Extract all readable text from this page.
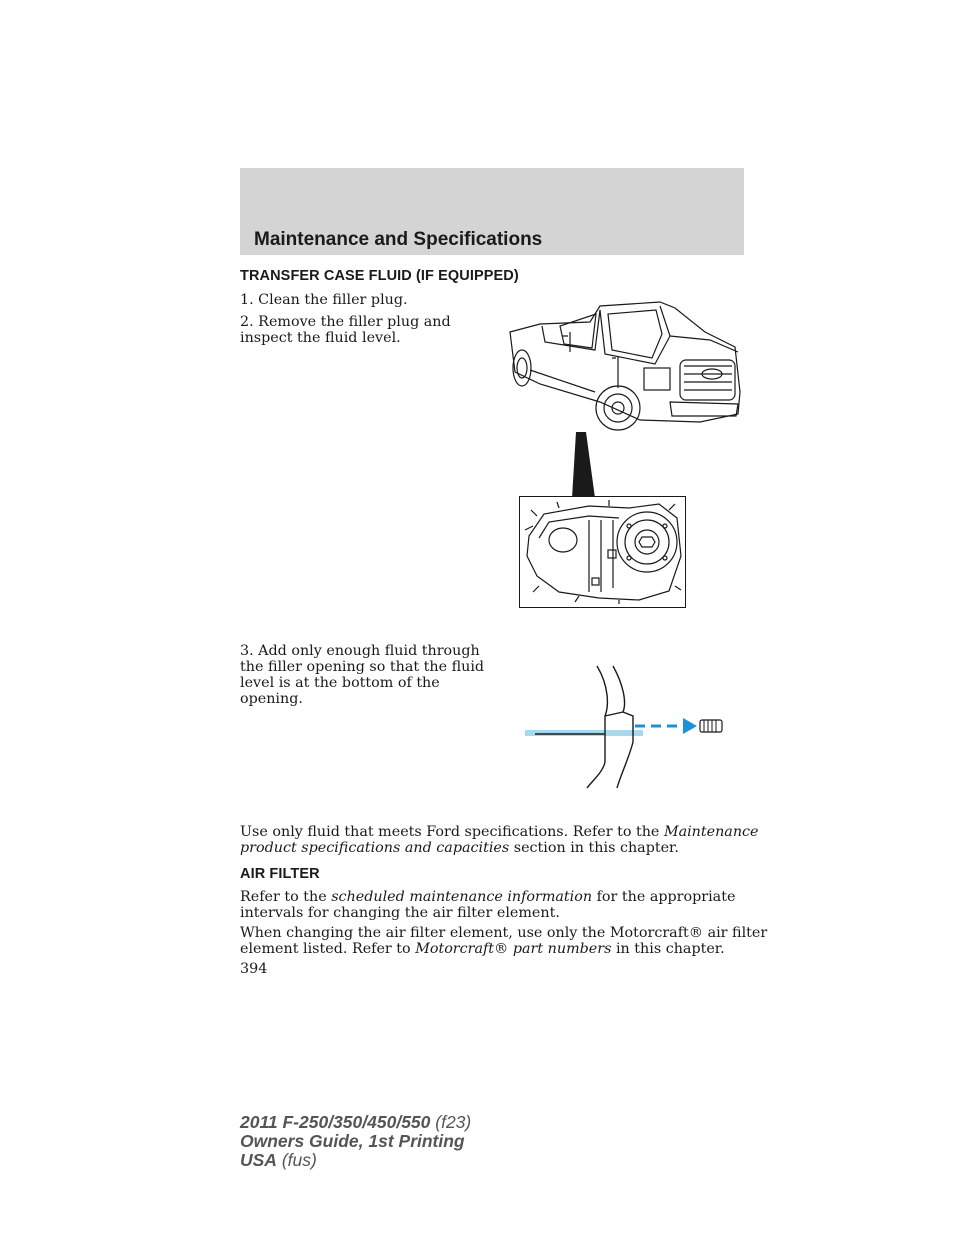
Maintenance and Specifications
TRANSFER CASE FLUID (IF EQUIPPED)
1. Clean the filler plug.
2. Remove the filler plug and
inspect the fluid level.
3. Add only enough fluid through
the filler opening so that the fluid
level is at the bottom of the
opening.
Use only fluid that meets Ford specifications. Refer to the Maintenance
product specifications and capacities section in this chapter.
AIR FILTER
Refer to the scheduled maintenance information for the appropriate
intervals for changing the air filter element.
When changing the air filter element, use only the Motorcraft® air filter
element listed. Refer to Motorcraft® part numbers in this chapter.
394
2011 F-250/350/450/550 (f23)
Owners Guide, 1st Printing
USA (fus)
